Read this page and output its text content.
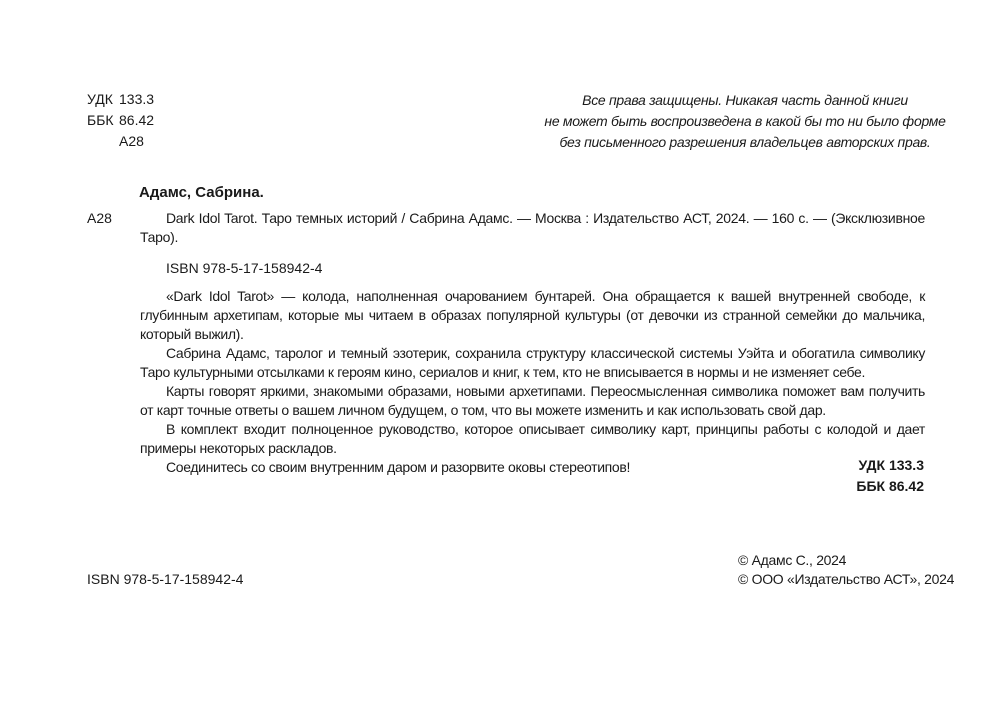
УДК 133.3
ББК 86.42
А28
Все права защищены. Никакая часть данной книги
не может быть воспроизведена в какой бы то ни было форме
без письменного разрешения владельцев авторских прав.
Адамс, Сабрина.
А28	Dark Idol Tarot. Таро темных историй / Сабрина Адамс. — Москва : Издательство АСТ, 2024. — 160 с. — (Эксклюзивное Таро).
ISBN 978-5-17-158942-4

«Dark Idol Tarot» — колода, наполненная очарованием бунтарей. Она обращается к вашей внутренней свободе, к глубинным архетипам, которые мы читаем в образах популярной культуры (от девочки из странной семейки до мальчика, который выжил).

Сабрина Адамс, таролог и темный эзотерик, сохранила структуру классической системы Уэйта и обогатила символику Таро культурными отсылками к героям кино, сериалов и книг, к тем, кто не вписывается в нормы и не изменяет себе.

Карты говорят яркими, знакомыми образами, новыми архетипами. Переосмысленная символика поможет вам получить от карт точные ответы о вашем личном будущем, о том, что вы можете изменить и как использовать свой дар.

В комплект входит полноценное руководство, которое описывает символику карт, принципы работы с колодой и дает примеры некоторых раскладов.

Соединитесь со своим внутренним даром и разорвите оковы стереотипов!	УДК 133.3
ББК 86.42
ISBN 978-5-17-158942-4
© Адамс С., 2024
© ООО «Издательство АСТ», 2024
